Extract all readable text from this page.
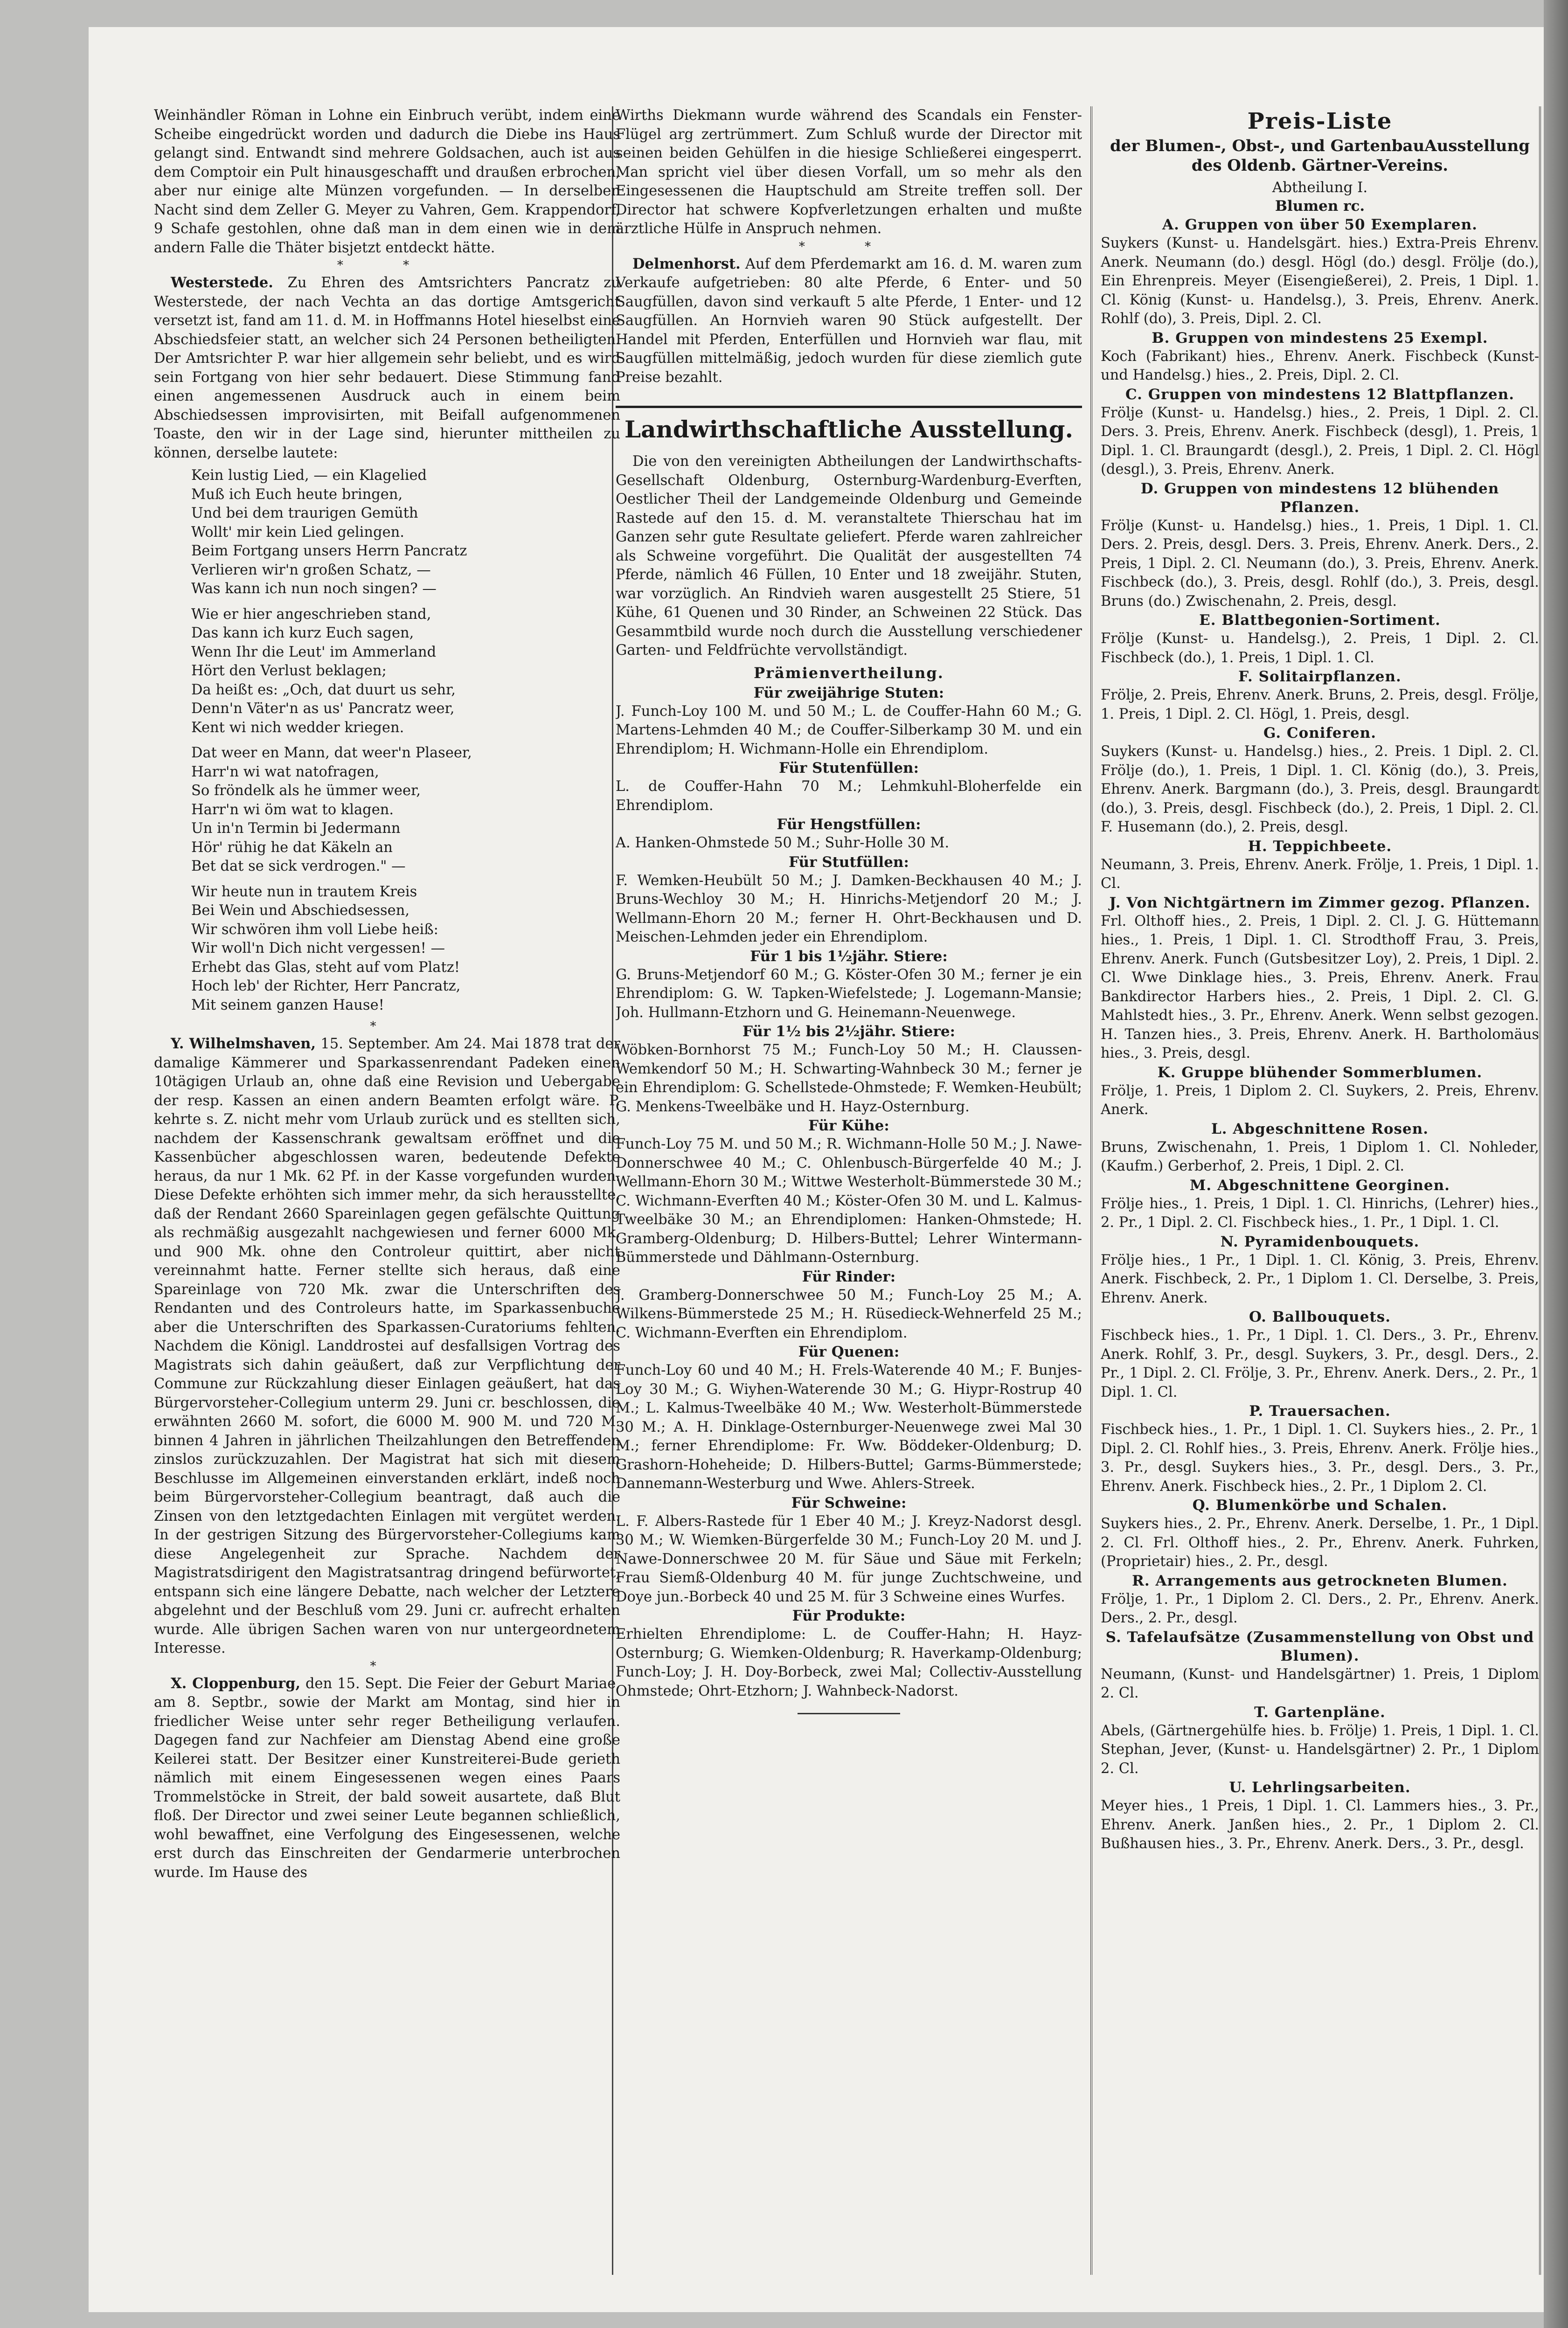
Weinhändler Röman in Lohne ein Einbruch verübt, indem eine Scheibe eingedrückt worden und dadurch die Diebe ins Haus gelangt sind. Entwandt sind mehrere Goldsachen, auch ist aus dem Comptoir ein Pult hinausgeschafft und draußen erbrochen, aber nur einige alte Münzen vorgefunden. — In derselben Nacht sind dem Zeller G. Meyer zu Vahren, Gem. Krappendorf, 9 Schafe gestohlen, ohne daß man in dem einen wie in dem andern Falle die Thäter bisjetzt entdeckt hätte.

* *

Westerstede. Zu Ehren des Amtsrichters Pancratz zu Westerstede, der nach Vechta an das dortige Amtsgericht versetzt ist, fand am 11. d. M. in Hoffmanns Hotel hieselbst eine Abschiedsfeier statt, an welcher sich 24 Personen betheiligten. Der Amtsrichter P. war hier allgemein sehr beliebt, und es wird sein Fortgang von hier sehr bedauert. Diese Stimmung fand einen angemessenen Ausdruck auch in einem beim Abschiedsessen improvisirten, mit Beifall aufgenommenen Toaste, den wir in der Lage sind, hierunter mittheilen zu können, derselbe lautete:

Kein lustig Lied, — ein Klagelied
Muß ich Euch heute bringen,
Und bei dem traurigen Gemüth
Wollt' mir kein Lied gelingen.
Beim Fortgang unsers Herrn Pancratz
Verlieren wir'n großen Schatz, —
Was kann ich nun noch singen? —
Wie er hier angeschrieben stand,
Das kann ich kurz Euch sagen,
Wenn Ihr die Leut' im Ammerland
Hört den Verlust beklagen;
Da heißt es: „Och, dat duurt us sehr,
Denn'n Väter'n as us' Pancratz weer,
Kent wi nich wedder kriegen.
Dat weer en Mann, dat weer'n Plaseer,
Harr'n wi wat natofragen,
So fröndelk als he ümmer weer,
Harr'n wi öm wat to klagen.
Un in'n Termin bi Jedermann
Hör' rühig he dat Käkeln an
Bet dat se sick verdrogen." —
Wir heute nun in trautem Kreis
Bei Wein und Abschiedsessen,
Wir schwören ihm voll Liebe heiß:
Wir woll'n Dich nicht vergessen! —
Erhebt das Glas, steht auf vom Platz!
Hoch leb' der Richter, Herr Pancratz,
Mit seinem ganzen Hause!
*

Y. Wilhelmshaven, 15. September. Am 24. Mai 1878 trat der damalige Kämmerer und Sparkassenrendant Padeken einen 10tägigen Urlaub an, ohne daß eine Revision und Uebergabe der resp. Kassen an einen andern Beamten erfolgt wäre. P. kehrte s. Z. nicht mehr vom Urlaub zurück und es stellten sich, nachdem der Kassenschrank gewaltsam eröffnet und die Kassenbücher abgeschlossen waren, bedeutende Defekte heraus, da nur 1 Mk. 62 Pf. in der Kasse vorgefunden wurden. Diese Defekte erhöhten sich immer mehr, da sich herausstellte, daß der Rendant 2660 Spareinlagen gegen gefälschte Quittung als rechmäßig ausgezahlt nachgewiesen und ferner 6000 Mk. und 900 Mk. ohne den Controleur quittirt, aber nicht vereinnahmt hatte. Ferner stellte sich heraus, daß eine Spareinlage von 720 Mk. zwar die Unterschriften des Rendanten und des Controleurs hatte, im Sparkassenbuche aber die Unterschriften des Sparkassen-Curatoriums fehlten. Nachdem die Königl. Landdrostei auf desfallsigen Vortrag des Magistrats sich dahin geäußert, daß zur Verpflichtung der Commune zur Rückzahlung dieser Einlagen geäußert, hat das Bürgervorsteher-Collegium unterm 29. Juni cr. beschlossen, die erwähnten 2660 M. sofort, die 6000 M. 900 M. und 720 M. binnen 4 Jahren in jährlichen Theilzahlungen den Betreffenden zinslos zurückzuzahlen. Der Magistrat hat sich mit diesem Beschlusse im Allgemeinen einverstanden erklärt, indeß noch beim Bürgervorsteher-Collegium beantragt, daß auch die Zinsen von den letztgedachten Einlagen mit vergütet werden. In der gestrigen Sitzung des Bürgervorsteher-Collegiums kam diese Angelegenheit zur Sprache. Nachdem der Magistratsdirigent den Magistratsantrag dringend befürwortet, entspann sich eine längere Debatte, nach welcher der Letztere abgelehnt und der Beschluß vom 29. Juni cr. aufrecht erhalten wurde. Alle übrigen Sachen waren von nur untergeordnetem Interesse.

*

X. Cloppenburg, den 15. Sept. Die Feier der Geburt Mariae, am 8. Septbr., sowie der Markt am Montag, sind hier in friedlicher Weise unter sehr reger Betheiligung verlaufen. Dagegen fand zur Nachfeier am Dienstag Abend eine große Keilerei statt. Der Besitzer einer Kunstreiterei-Bude gerieth nämlich mit einem Eingesessenen wegen eines Paars Trommelstöcke in Streit, der bald soweit ausartete, daß Blut floß. Der Director und zwei seiner Leute begannen schließlich, wohl bewaffnet, eine Verfolgung des Eingesessenen, welche erst durch das Einschreiten der Gendarmerie unterbrochen wurde. Im Hause des

Wirths Diekmann wurde während des Scandals ein Fenster-Flügel arg zertrümmert. Zum Schluß wurde der Director mit seinen beiden Gehülfen in die hiesige Schließerei eingesperrt. Man spricht viel über diesen Vorfall, um so mehr als den Eingesessenen die Hauptschuld am Streite treffen soll. Der Director hat schwere Kopfverletzungen erhalten und mußte ärztliche Hülfe in Anspruch nehmen.

* *

Delmenhorst. Auf dem Pferdemarkt am 16. d. M. waren zum Verkaufe aufgetrieben: 80 alte Pferde, 6 Enter- und 50 Saugfüllen, davon sind verkauft 5 alte Pferde, 1 Enter- und 12 Saugfüllen. An Hornvieh waren 90 Stück aufgestellt. Der Handel mit Pferden, Enterfüllen und Hornvieh war flau, mit Saugfüllen mittelmäßig, jedoch wurden für diese ziemlich gute Preise bezahlt.

Landwirthschaftliche Ausstellung.

Die von den vereinigten Abtheilungen der Landwirthschafts-Gesellschaft Oldenburg, Osternburg-Wardenburg-Everften, Oestlicher Theil der Landgemeinde Oldenburg und Gemeinde Rastede auf den 15. d. M. veranstaltete Thierschau hat im Ganzen sehr gute Resultate geliefert. Pferde waren zahlreicher als Schweine vorgeführt. Die Qualität der ausgestellten 74 Pferde, nämlich 46 Füllen, 10 Enter und 18 zweijähr. Stuten, war vorzüglich. An Rindvieh waren ausgestellt 25 Stiere, 51 Kühe, 61 Quenen und 30 Rinder, an Schweinen 22 Stück. Das Gesammtbild wurde noch durch die Ausstellung verschiedener Garten- und Feldfrüchte vervollständigt.

Prämienvertheilung.
Für zweijährige Stuten:

J. Funch-Loy 100 M. und 50 M.; L. de Couffer-Hahn 60 M.; G. Martens-Lehmden 40 M.; de Couffer-Silberkamp 30 M. und ein Ehrendiplom; H. Wichmann-Holle ein Ehrendiplom.

Für Stutenfüllen:

L. de Couffer-Hahn 70 M.; Lehmkuhl-Bloherfelde ein Ehrendiplom.

Für Hengstfüllen:

A. Hanken-Ohmstede 50 M.; Suhr-Holle 30 M.

Für Stutfüllen:

F. Wemken-Heubült 50 M.; J. Damken-Beckhausen 40 M.; J. Bruns-Wechloy 30 M.; H. Hinrichs-Metjendorf 20 M.; J. Wellmann-Ehorn 20 M.; ferner H. Ohrt-Beckhausen und D. Meischen-Lehmden jeder ein Ehrendiplom.

Für 1 bis 1½jähr. Stiere:

G. Bruns-Metjendorf 60 M.; G. Köster-Ofen 30 M.; ferner je ein Ehrendiplom: G. W. Tapken-Wiefelstede; J. Logemann-Mansie; Joh. Hullmann-Etzhorn und G. Heinemann-Neuenwege.

Für 1½ bis 2½jähr. Stiere:

Wöbken-Bornhorst 75 M.; Funch-Loy 50 M.; H. Claussen-Wemkendorf 50 M.; H. Schwarting-Wahnbeck 30 M.; ferner je ein Ehrendiplom: G. Schellstede-Ohmstede; F. Wemken-Heubült; G. Menkens-Tweelbäke und H. Hayz-Osternburg.

Für Kühe:

Funch-Loy 75 M. und 50 M.; R. Wichmann-Holle 50 M.; J. Nawe-Donnerschwee 40 M.; C. Ohlenbusch-Bürgerfelde 40 M.; J. Wellmann-Ehorn 30 M.; Wittwe Westerholt-Bümmerstede 30 M.; C. Wichmann-Everften 40 M.; Köster-Ofen 30 M. und L. Kalmus-Tweelbäke 30 M.; an Ehrendiplomen: Hanken-Ohmstede; H. Gramberg-Oldenburg; D. Hilbers-Buttel; Lehrer Wintermann-Bümmerstede und Dählmann-Osternburg.

Für Rinder:

J. Gramberg-Donnerschwee 50 M.; Funch-Loy 25 M.; A. Wilkens-Bümmerstede 25 M.; H. Rüsedieck-Wehnerfeld 25 M.; C. Wichmann-Everften ein Ehrendiplom.

Für Quenen:

Funch-Loy 60 und 40 M.; H. Frels-Waterende 40 M.; F. Bunjes-Loy 30 M.; G. Wiyhen-Waterende 30 M.; G. Hiypr-Rostrup 40 M.; L. Kalmus-Tweelbäke 40 M.; Ww. Westerholt-Bümmerstede 30 M.; A. H. Dinklage-Osternburger-Neuenwege zwei Mal 30 M.; ferner Ehrendiplome: Fr. Ww. Böddeker-Oldenburg; D. Grashorn-Hoheheide; D. Hilbers-Buttel; Garms-Bümmerstede; Dannemann-Westerburg und Wwe. Ahlers-Streek.

Für Schweine:

L. F. Albers-Rastede für 1 Eber 40 M.; J. Kreyz-Nadorst desgl. 30 M.; W. Wiemken-Bürgerfelde 30 M.; Funch-Loy 20 M. und J. Nawe-Donnerschwee 20 M. für Säue und Säue mit Ferkeln; Frau Siemß-Oldenburg 40 M. für junge Zuchtschweine, und Doye jun.-Borbeck 40 und 25 M. für 3 Schweine eines Wurfes.

Für Produkte:

Erhielten Ehrendiplome: L. de Couffer-Hahn; H. Hayz-Osternburg; G. Wiemken-Oldenburg; R. Haverkamp-Oldenburg; Funch-Loy; J. H. Doy-Borbeck, zwei Mal; Collectiv-Ausstellung Ohmstede; Ohrt-Etzhorn; J. Wahnbeck-Nadorst.

Preis-Liste
der Blumen-, Obst-, und GartenbauAusstellung des Oldenb. Gärtner-Vereins.
Abtheilung I.
Blumen rc.
A. Gruppen von über 50 Exemplaren.

Suykers (Kunst- u. Handelsgärt. hies.) Extra-Preis Ehrenv. Anerk. Neumann (do.) desgl. Högl (do.) desgl. Frölje (do.), Ein Ehrenpreis. Meyer (Eisengießerei), 2. Preis, 1 Dipl. 1. Cl. König (Kunst- u. Handelsg.), 3. Preis, Ehrenv. Anerk. Rohlf (do), 3. Preis, Dipl. 2. Cl.

B. Gruppen von mindestens 25 Exempl.

Koch (Fabrikant) hies., Ehrenv. Anerk. Fischbeck (Kunst- und Handelsg.) hies., 2. Preis, Dipl. 2. Cl.

C. Gruppen von mindestens 12 Blattpflanzen.

Frölje (Kunst- u. Handelsg.) hies., 2. Preis, 1 Dipl. 2. Cl. Ders. 3. Preis, Ehrenv. Anerk. Fischbeck (desgl), 1. Preis, 1 Dipl. 1. Cl. Braungardt (desgl.), 2. Preis, 1 Dipl. 2. Cl. Högl (desgl.), 3. Preis, Ehrenv. Anerk.

D. Gruppen von mindestens 12 blühenden Pflanzen.

Frölje (Kunst- u. Handelsg.) hies., 1. Preis, 1 Dipl. 1. Cl. Ders. 2. Preis, desgl. Ders. 3. Preis, Ehrenv. Anerk. Ders., 2. Preis, 1 Dipl. 2. Cl. Neumann (do.), 3. Preis, Ehrenv. Anerk. Fischbeck (do.), 3. Preis, desgl. Rohlf (do.), 3. Preis, desgl. Bruns (do.) Zwischenahn, 2. Preis, desgl.

E. Blattbegonien-Sortiment.

Frölje (Kunst- u. Handelsg.), 2. Preis, 1 Dipl. 2. Cl. Fischbeck (do.), 1. Preis, 1 Dipl. 1. Cl.

F. Solitairpflanzen.

Frölje, 2. Preis, Ehrenv. Anerk. Bruns, 2. Preis, desgl. Frölje, 1. Preis, 1 Dipl. 2. Cl. Högl, 1. Preis, desgl.

G. Coniferen.

Suykers (Kunst- u. Handelsg.) hies., 2. Preis. 1 Dipl. 2. Cl. Frölje (do.), 1. Preis, 1 Dipl. 1. Cl. König (do.), 3. Preis, Ehrenv. Anerk. Bargmann (do.), 3. Preis, desgl. Braungardt (do.), 3. Preis, desgl. Fischbeck (do.), 2. Preis, 1 Dipl. 2. Cl. F. Husemann (do.), 2. Preis, desgl.

H. Teppichbeete.

Neumann, 3. Preis, Ehrenv. Anerk. Frölje, 1. Preis, 1 Dipl. 1. Cl.

J. Von Nichtgärtnern im Zimmer gezog. Pflanzen.

Frl. Olthoff hies., 2. Preis, 1 Dipl. 2. Cl. J. G. Hüttemann hies., 1. Preis, 1 Dipl. 1. Cl. Strodthoff Frau, 3. Preis, Ehrenv. Anerk. Funch (Gutsbesitzer Loy), 2. Preis, 1 Dipl. 2. Cl. Wwe Dinklage hies., 3. Preis, Ehrenv. Anerk. Frau Bankdirector Harbers hies., 2. Preis, 1 Dipl. 2. Cl. G. Mahlstedt hies., 3. Pr., Ehrenv. Anerk. Wenn selbst gezogen. H. Tanzen hies., 3. Preis, Ehrenv. Anerk. H. Bartholomäus hies., 3. Preis, desgl.

K. Gruppe blühender Sommerblumen.

Frölje, 1. Preis, 1 Diplom 2. Cl. Suykers, 2. Preis, Ehrenv. Anerk.

L. Abgeschnittene Rosen.

Bruns, Zwischenahn, 1. Preis, 1 Diplom 1. Cl. Nohleder, (Kaufm.) Gerberhof, 2. Preis, 1 Dipl. 2. Cl.

M. Abgeschnittene Georginen.

Frölje hies., 1. Preis, 1 Dipl. 1. Cl. Hinrichs, (Lehrer) hies., 2. Pr., 1 Dipl. 2. Cl. Fischbeck hies., 1. Pr., 1 Dipl. 1. Cl.

N. Pyramidenbouquets.

Frölje hies., 1 Pr., 1 Dipl. 1. Cl. König, 3. Preis, Ehrenv. Anerk. Fischbeck, 2. Pr., 1 Diplom 1. Cl. Derselbe, 3. Preis, Ehrenv. Anerk.

O. Ballbouquets.

Fischbeck hies., 1. Pr., 1 Dipl. 1. Cl. Ders., 3. Pr., Ehrenv. Anerk. Rohlf, 3. Pr., desgl. Suykers, 3. Pr., desgl. Ders., 2. Pr., 1 Dipl. 2. Cl. Frölje, 3. Pr., Ehrenv. Anerk. Ders., 2. Pr., 1 Dipl. 1. Cl.

P. Trauersachen.

Fischbeck hies., 1. Pr., 1 Dipl. 1. Cl. Suykers hies., 2. Pr., 1 Dipl. 2. Cl. Rohlf hies., 3. Preis, Ehrenv. Anerk. Frölje hies., 3. Pr., desgl. Suykers hies., 3. Pr., desgl. Ders., 3. Pr., Ehrenv. Anerk. Fischbeck hies., 2. Pr., 1 Diplom 2. Cl.

Q. Blumenkörbe und Schalen.

Suykers hies., 2. Pr., Ehrenv. Anerk. Derselbe, 1. Pr., 1 Dipl. 2. Cl. Frl. Olthoff hies., 2. Pr., Ehrenv. Anerk. Fuhrken, (Proprietair) hies., 2. Pr., desgl.

R. Arrangements aus getrockneten Blumen.

Frölje, 1. Pr., 1 Diplom 2. Cl. Ders., 2. Pr., Ehrenv. Anerk. Ders., 2. Pr., desgl.

S. Tafelaufsätze (Zusammenstellung von Obst und Blumen).

Neumann, (Kunst- und Handelsgärtner) 1. Preis, 1 Diplom 2. Cl.

T. Gartenpläne.

Abels, (Gärtnergehülfe hies. b. Frölje) 1. Preis, 1 Dipl. 1. Cl. Stephan, Jever, (Kunst- u. Handelsgärtner) 2. Pr., 1 Diplom 2. Cl.

U. Lehrlingsarbeiten.

Meyer hies., 1 Preis, 1 Dipl. 1. Cl. Lammers hies., 3. Pr., Ehrenv. Anerk. Janßen hies., 2. Pr., 1 Diplom 2. Cl. Bußhausen hies., 3. Pr., Ehrenv. Anerk. Ders., 3. Pr., desgl.
